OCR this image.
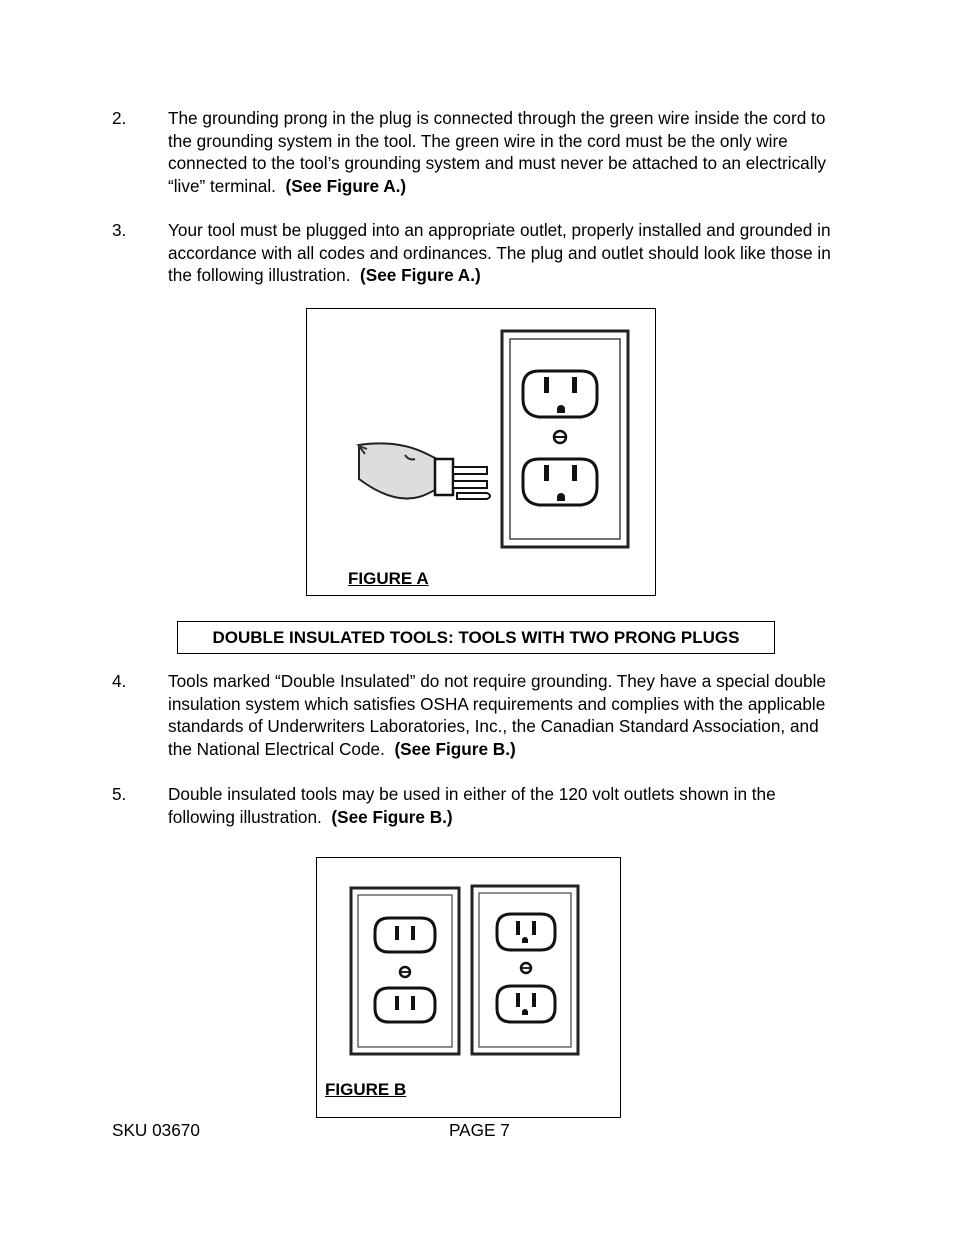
2. The grounding prong in the plug is connected through the green wire inside the cord to the grounding system in the tool. The green wire in the cord must be the only wire connected to the tool’s grounding system and must never be attached to an electrically “live” terminal. (See Figure A.)
3. Your tool must be plugged into an appropriate outlet, properly installed and grounded in accordance with all codes and ordinances. The plug and outlet should look like those in the following illustration. (See Figure A.)
FIGURE A
DOUBLE INSULATED TOOLS: TOOLS WITH TWO PRONG PLUGS
4. Tools marked “Double Insulated” do not require grounding. They have a special double insulation system which satisfies OSHA requirements and complies with the applicable standards of Underwriters Laboratories, Inc., the Canadian Standard Association, and the National Electrical Code. (See Figure B.)
5. Double insulated tools may be used in either of the 120 volt outlets shown in the following illustration. (See Figure B.)
FIGURE B
SKU 03670	PAGE 7
